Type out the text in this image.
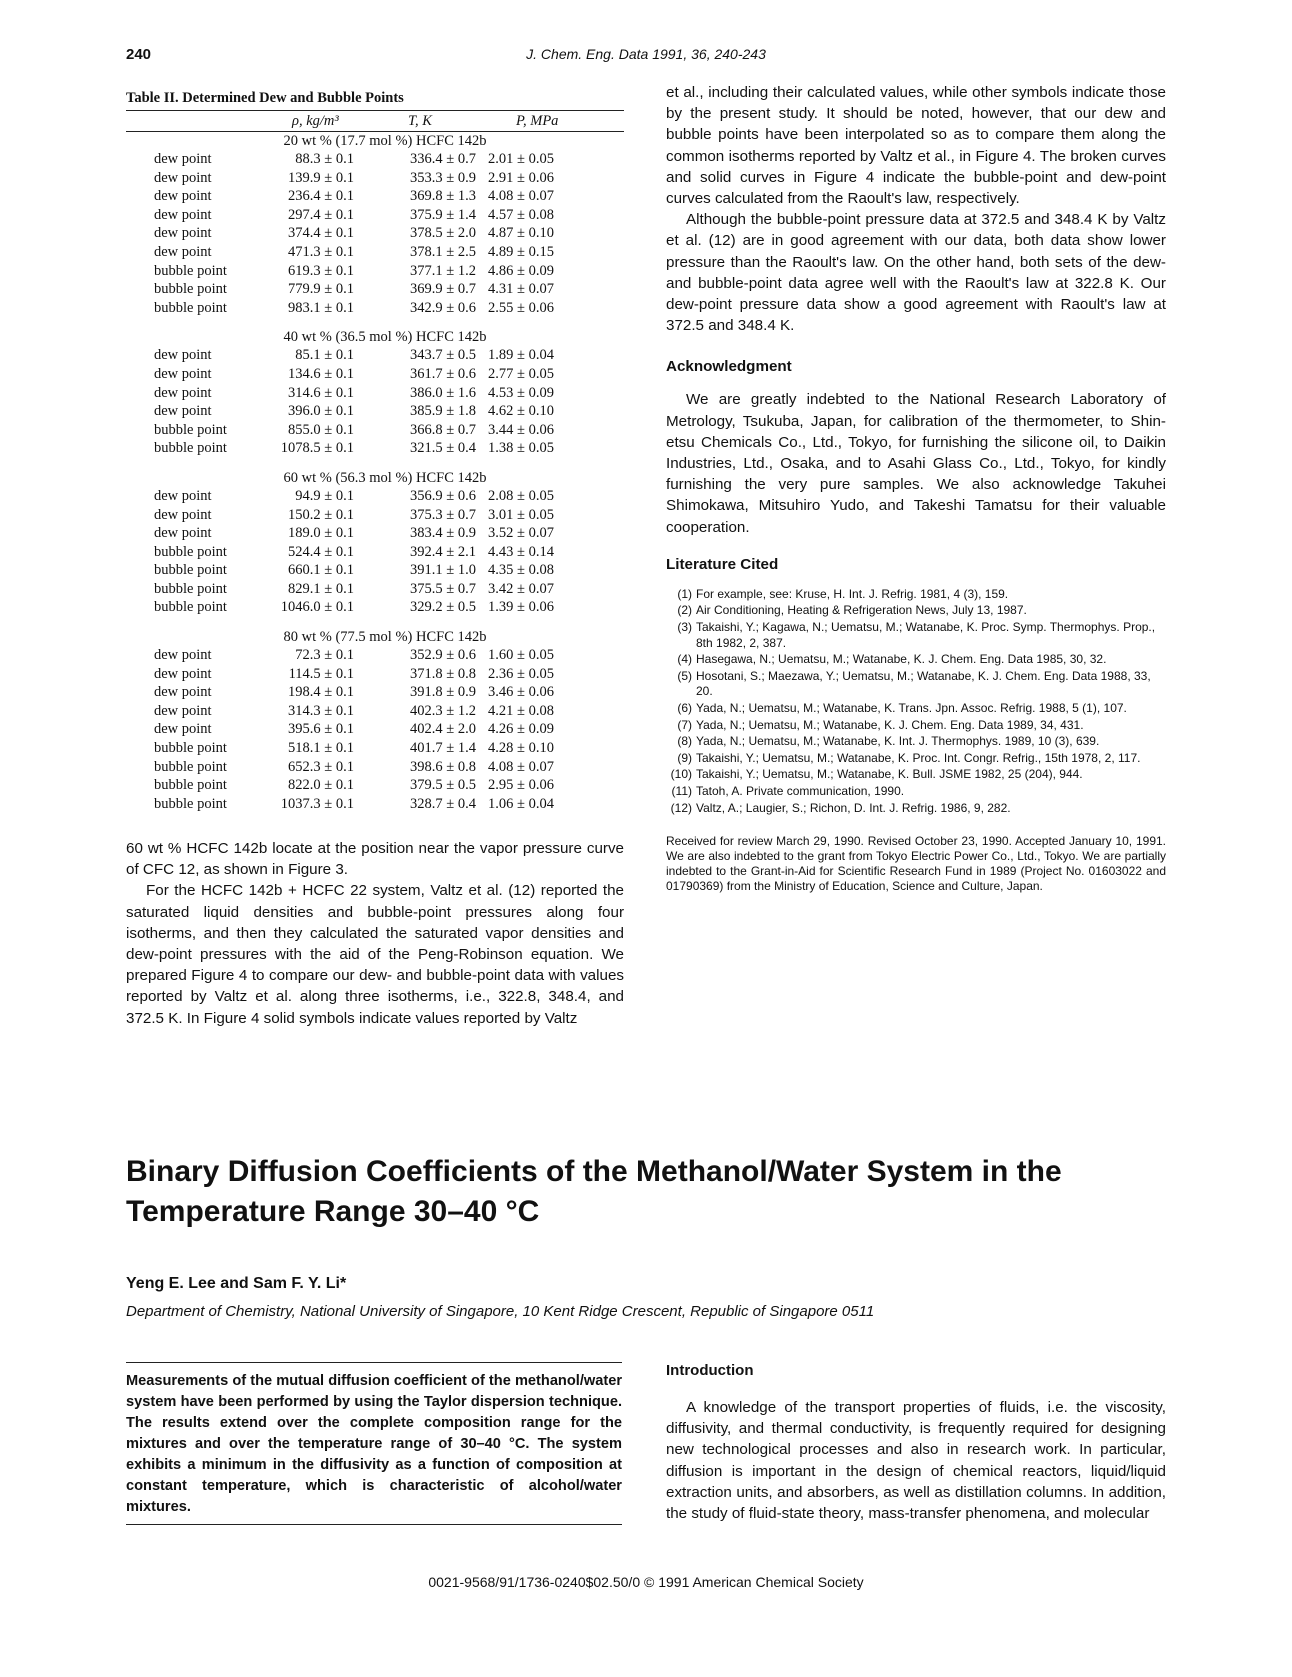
240	J. Chem. Eng. Data 1991, 36, 240-243
Table II. Determined Dew and Bubble Points
ρ, kg/m³	T, K	P, MPa
20 wt % (17.7 mol %) HCFC 142b
dew point	88.3 ± 0.1	336.4 ± 0.7 2.01 ± 0.05
dew point	139.9 ± 0.1	353.3 ± 0.9 2.91 ± 0.06
dew point	236.4 ± 0.1	369.8 ± 1.3 4.08 ± 0.07
dew point	297.4 ± 0.1	375.9 ± 1.4 4.57 ± 0.08
dew point	374.4 ± 0.1	378.5 ± 2.0 4.87 ± 0.10
dew point	471.3 ± 0.1	378.1 ± 2.5 4.89 ± 0.15
bubble point	619.3 ± 0.1	377.1 ± 1.2 4.86 ± 0.09
bubble point	779.9 ± 0.1	369.9 ± 0.7 4.31 ± 0.07
bubble point	983.1 ± 0.1	342.9 ± 0.6 2.55 ± 0.06
40 wt % (36.5 mol %) HCFC 142b
dew point	85.1 ± 0.1	343.7 ± 0.5 1.89 ± 0.04
dew point	134.6 ± 0.1	361.7 ± 0.6 2.77 ± 0.05
dew point	314.6 ± 0.1	386.0 ± 1.6 4.53 ± 0.09
dew point	396.0 ± 0.1	385.9 ± 1.8 4.62 ± 0.10
bubble point	855.0 ± 0.1	366.8 ± 0.7 3.44 ± 0.06
bubble point	1078.5 ± 0.1	321.5 ± 0.4 1.38 ± 0.05
60 wt % (56.3 mol %) HCFC 142b
dew point	94.9 ± 0.1	356.9 ± 0.6 2.08 ± 0.05
dew point	150.2 ± 0.1	375.3 ± 0.7 3.01 ± 0.05
dew point	189.0 ± 0.1	383.4 ± 0.9 3.52 ± 0.07
bubble point	524.4 ± 0.1	392.4 ± 2.1 4.43 ± 0.14
bubble point	660.1 ± 0.1	391.1 ± 1.0 4.35 ± 0.08
bubble point	829.1 ± 0.1	375.5 ± 0.7 3.42 ± 0.07
bubble point	1046.0 ± 0.1	329.2 ± 0.5 1.39 ± 0.06
80 wt % (77.5 mol %) HCFC 142b
dew point	72.3 ± 0.1	352.9 ± 0.6 1.60 ± 0.05
dew point	114.5 ± 0.1	371.8 ± 0.8 2.36 ± 0.05
dew point	198.4 ± 0.1	391.8 ± 0.9 3.46 ± 0.06
dew point	314.3 ± 0.1	402.3 ± 1.2 4.21 ± 0.08
dew point	395.6 ± 0.1	402.4 ± 2.0 4.26 ± 0.09
bubble point	518.1 ± 0.1	401.7 ± 1.4 4.28 ± 0.10
bubble point	652.3 ± 0.1	398.6 ± 0.8 4.08 ± 0.07
bubble point	822.0 ± 0.1	379.5 ± 0.5 2.95 ± 0.06
bubble point	1037.3 ± 0.1	328.7 ± 0.4 1.06 ± 0.04

60 wt % HCFC 142b locate at the position near the vapor pressure curve of CFC 12, as shown in Figure 3.

For the HCFC 142b + HCFC 22 system, Valtz et al. (12) reported the saturated liquid densities and bubble-point pressures along four isotherms, and then they calculated the saturated vapor densities and dew-point pressures with the aid of the Peng-Robinson equation. We prepared Figure 4 to compare our dew- and bubble-point data with values reported by Valtz et al. along three isotherms, i.e., 322.8, 348.4, and 372.5 K. In Figure 4 solid symbols indicate values reported by Valtz

et al., including their calculated values, while other symbols indicate those by the present study. It should be noted, however, that our dew and bubble points have been interpolated so as to compare them along the common isotherms reported by Valtz et al., in Figure 4. The broken curves and solid curves in Figure 4 indicate the bubble-point and dew-point curves calculated from the Raoult's law, respectively.

Although the bubble-point pressure data at 372.5 and 348.4 K by Valtz et al. (12) are in good agreement with our data, both data show lower pressure than the Raoult's law. On the other hand, both sets of the dew- and bubble-point data agree well with the Raoult's law at 322.8 K. Our dew-point pressure data show a good agreement with Raoult's law at 372.5 and 348.4 K.

Acknowledgment

We are greatly indebted to the National Research Laboratory of Metrology, Tsukuba, Japan, for calibration of the thermometer, to Shin-etsu Chemicals Co., Ltd., Tokyo, for furnishing the silicone oil, to Daikin Industries, Ltd., Osaka, and to Asahi Glass Co., Ltd., Tokyo, for kindly furnishing the very pure samples. We also acknowledge Takuhei Shimokawa, Mitsuhiro Yudo, and Takeshi Tamatsu for their valuable cooperation.

Literature Cited
(1) For example, see: Kruse, H. Int. J. Refrig. 1981, 4 (3), 159.
(2) Air Conditioning, Heating & Refrigeration News, July 13, 1987.
(3) Takaishi, Y.; Kagawa, N.; Uematsu, M.; Watanabe, K. Proc. Symp. Thermophys. Prop., 8th 1982, 2, 387.
(4) Hasegawa, N.; Uematsu, M.; Watanabe, K. J. Chem. Eng. Data 1985, 30, 32.
(5) Hosotani, S.; Maezawa, Y.; Uematsu, M.; Watanabe, K. J. Chem. Eng. Data 1988, 33, 20.
(6) Yada, N.; Uematsu, M.; Watanabe, K. Trans. Jpn. Assoc. Refrig. 1988, 5 (1), 107.
(7) Yada, N.; Uematsu, M.; Watanabe, K. J. Chem. Eng. Data 1989, 34, 431.
(8) Yada, N.; Uematsu, M.; Watanabe, K. Int. J. Thermophys. 1989, 10 (3), 639.
(9) Takaishi, Y.; Uematsu, M.; Watanabe, K. Proc. Int. Congr. Refrig., 15th 1978, 2, 117.
(10) Takaishi, Y.; Uematsu, M.; Watanabe, K. Bull. JSME 1982, 25 (204), 944.
(11) Tatoh, A. Private communication, 1990.
(12) Valtz, A.; Laugier, S.; Richon, D. Int. J. Refrig. 1986, 9, 282.
Received for review March 29, 1990. Revised October 23, 1990. Accepted January 10, 1991. We are also indebted to the grant from Tokyo Electric Power Co., Ltd., Tokyo. We are partially indebted to the Grant-in-Aid for Scientific Research Fund in 1989 (Project No. 01603022 and 01790369) from the Ministry of Education, Science and Culture, Japan.
Binary Diffusion Coefficients of the Methanol/Water System in the Temperature Range 30–40 °C
Yeng E. Lee and Sam F. Y. Li*
Department of Chemistry, National University of Singapore, 10 Kent Ridge Crescent, Republic of Singapore 0511

Measurements of the mutual diffusion coefficient of the methanol/water system have been performed by using the Taylor dispersion technique. The results extend over the complete composition range for the mixtures and over the temperature range of 30–40 °C. The system exhibits a minimum in the diffusivity as a function of composition at constant temperature, which is characteristic of alcohol/water mixtures.

Introduction

A knowledge of the transport properties of fluids, i.e. the viscosity, diffusivity, and thermal conductivity, is frequently required for designing new technological processes and also in research work. In particular, diffusion is important in the design of chemical reactors, liquid/liquid extraction units, and absorbers, as well as distillation columns. In addition, the study of fluid-state theory, mass-transfer phenomena, and molecular

0021-9568/91/1736-0240$02.50/0 © 1991 American Chemical Society
